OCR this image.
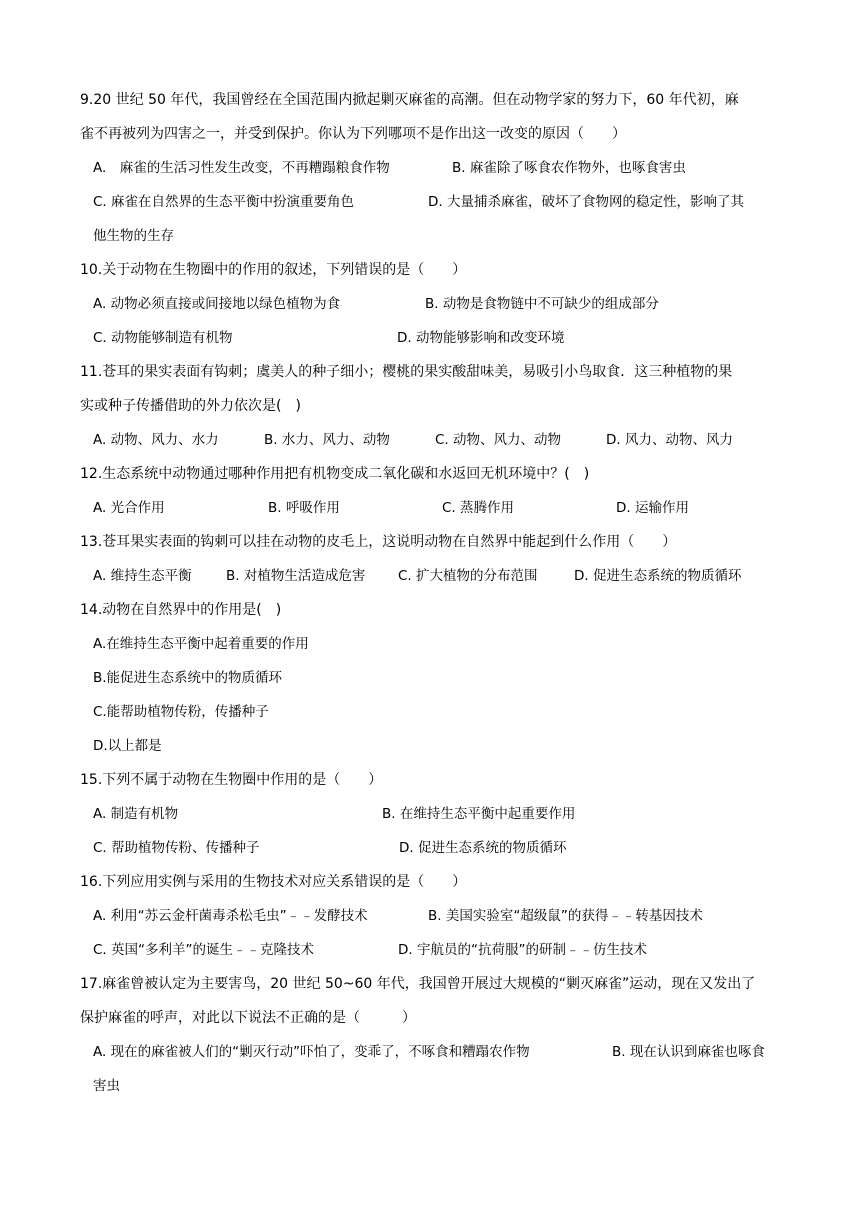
9.20 世纪 50 年代，我国曾经在全国范围内掀起剿灭麻雀的高潮。但在动物学家的努力下，60 年代初，麻
雀不再被列为四害之一，并受到保护。你认为下列哪项不是作出这一改变的原因（　　）
A.　麻雀的生活习性发生改变，不再糟蹋粮食作物	B. 麻雀除了啄食农作物外，也啄食害虫
C. 麻雀在自然界的生态平衡中扮演重要角色	D. 大量捕杀麻雀，破坏了食物网的稳定性，影响了其
他生物的生存
10.关于动物在生物圈中的作用的叙述，下列错误的是（　　）
A. 动物必须直接或间接地以绿色植物为食	B. 动物是食物链中不可缺少的组成部分
C. 动物能够制造有机物	D. 动物能够影响和改变环境
11.苍耳的果实表面有钩刺；虞美人的种子细小；樱桃的果实酸甜味美，易吸引小鸟取食．这三种植物的果
实或种子传播借助的外力依次是(　)
A. 动物、风力、水力	B. 水力、风力、动物	C. 动物、风力、动物	D. 风力、动物、风力
12.生态系统中动物通过哪种作用把有机物变成二氧化碳和水返回无机环境中？(　)
A. 光合作用	B. 呼吸作用	C. 蒸腾作用	D. 运输作用
13.苍耳果实表面的钩刺可以挂在动物的皮毛上，这说明动物在自然界中能起到什么作用（　　）
A. 维持生态平衡	B. 对植物生活造成危害 C. 扩大植物的分布范围	D. 促进生态系统的物质循环
14.动物在自然界中的作用是(　)
A.在维持生态平衡中起着重要的作用
B.能促进生态系统中的物质循环
C.能帮助植物传粉，传播种子
D.以上都是
15.下列不属于动物在生物圈中作用的是（　　）
A. 制造有机物	B. 在维持生态平衡中起重要作用
C. 帮助植物传粉、传播种子	D. 促进生态系统的物质循环
16.下列应用实例与采用的生物技术对应关系错误的是（　　）
A. 利用“苏云金杆菌毒杀松毛虫”﹣﹣发酵技术	B. 美国实验室“超级鼠”的获得﹣﹣转基因技术
C. 英国“多利羊”的诞生﹣﹣克隆技术	D. 宇航员的“抗荷服”的研制﹣﹣仿生技术
17.麻雀曾被认定为主要害鸟，20 世纪 50~60 年代，我国曾开展过大规模的“剿灭麻雀”运动，现在又发出了
保护麻雀的呼声，对此以下说法不正确的是（　　　）
A. 现在的麻雀被人们的“剿灭行动”吓怕了，变乖了，不啄食和糟蹋农作物	B. 现在认识到麻雀也啄食
害虫
